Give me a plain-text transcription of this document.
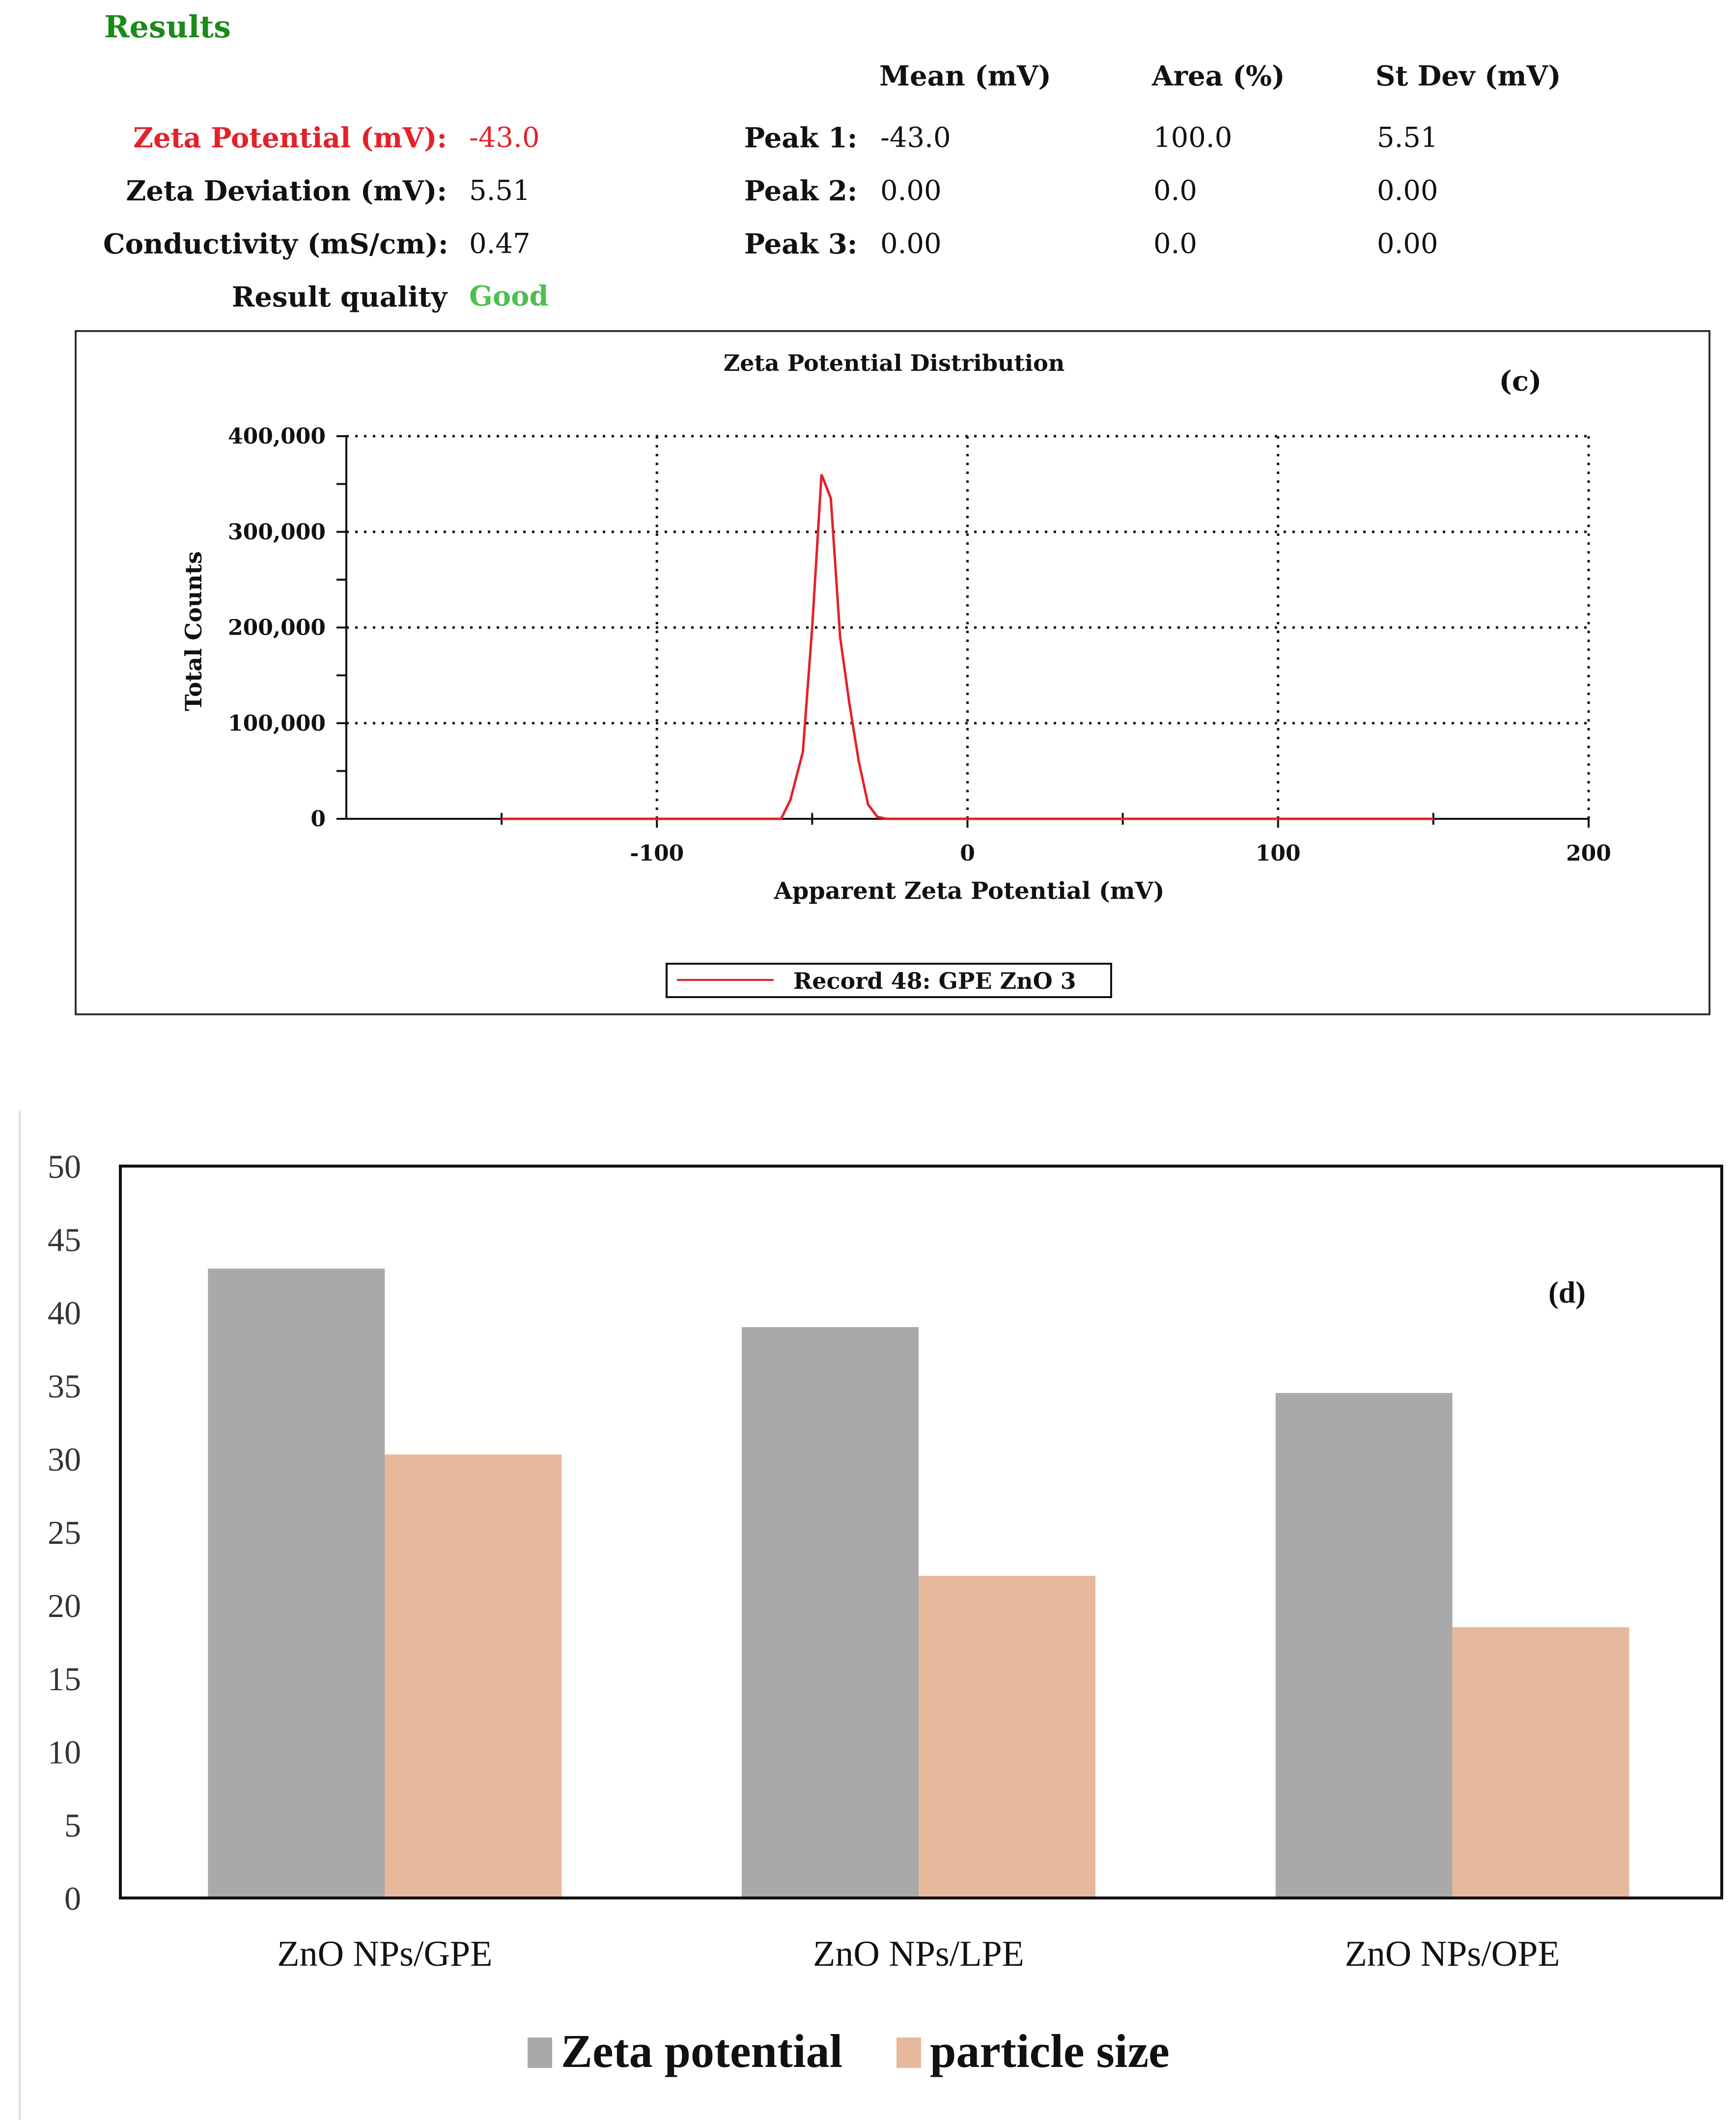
Results
Mean (mV)	Area (%)	St Dev (mV)
Zeta Potential (mV): -43.0
Zeta Deviation (mV): 5.51
Conductivity (mS/cm): 0.47
Result quality Good
Peak 1: -43.0	100.0	5.51
Peak 2: 0.00	0.0	0.00
Peak 3: 0.00	0.0	0.00
0
100,000
200,000
300,000
400,000
-100	0	100	200
Zeta Potential Distribution
(c)
Apparent Zeta Potential (mV)
Total Counts
Record 48: GPE ZnO 3
0
5
10
15
20
25
30
35
40
45
50
ZnO NPs/GPE	ZnO NPs/LPE	ZnO NPs/OPE
(d)
Zeta potential particle size
